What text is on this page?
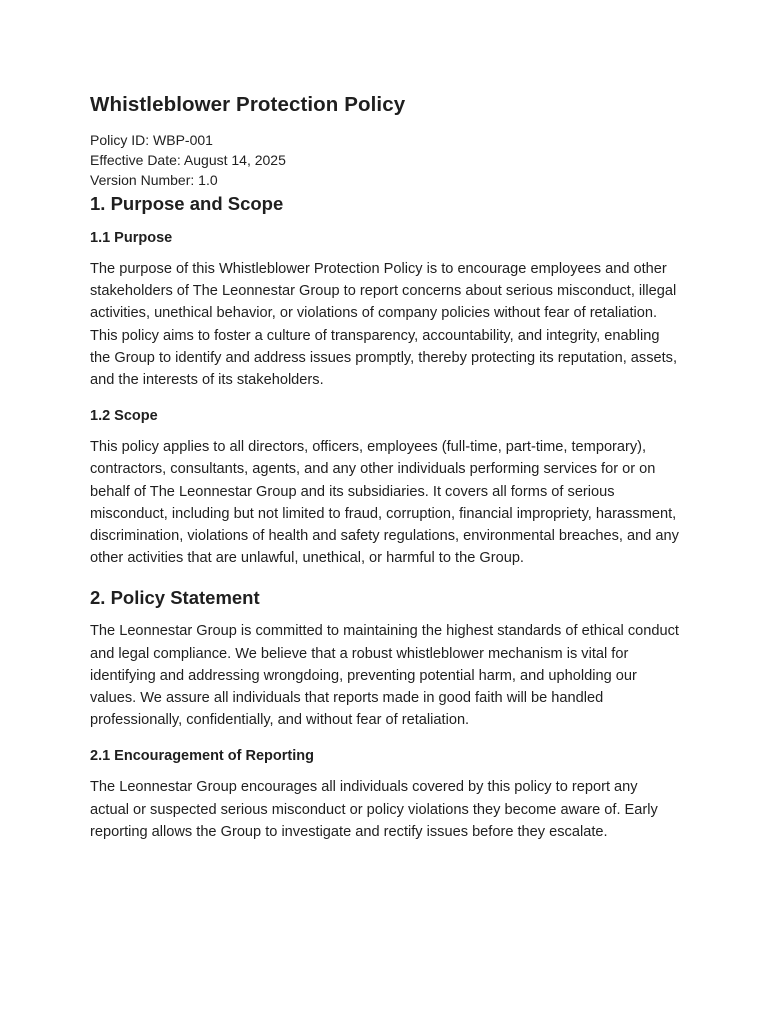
Whistleblower Protection Policy

Policy ID: WBP-001

Effective Date: August 14, 2025

Version Number: 1.0

1. Purpose and Scope
1.1 Purpose

The purpose of this Whistleblower Protection Policy is to encourage employees and other stakeholders of The Leonnestar Group to report concerns about serious misconduct, illegal activities, unethical behavior, or violations of company policies without fear of retaliation. This policy aims to foster a culture of transparency, accountability, and integrity, enabling the Group to identify and address issues promptly, thereby protecting its reputation, assets, and the interests of its stakeholders.

1.2 Scope

This policy applies to all directors, officers, employees (full-time, part-time, temporary), contractors, consultants, agents, and any other individuals performing services for or on behalf of The Leonnestar Group and its subsidiaries. It covers all forms of serious misconduct, including but not limited to fraud, corruption, financial impropriety, harassment, discrimination, violations of health and safety regulations, environmental breaches, and any other activities that are unlawful, unethical, or harmful to the Group.

2. Policy Statement

The Leonnestar Group is committed to maintaining the highest standards of ethical conduct and legal compliance. We believe that a robust whistleblower mechanism is vital for identifying and addressing wrongdoing, preventing potential harm, and upholding our values. We assure all individuals that reports made in good faith will be handled professionally, confidentially, and without fear of retaliation.

2.1 Encouragement of Reporting

The Leonnestar Group encourages all individuals covered by this policy to report any actual or suspected serious misconduct or policy violations they become aware of. Early reporting allows the Group to investigate and rectify issues before they escalate.
